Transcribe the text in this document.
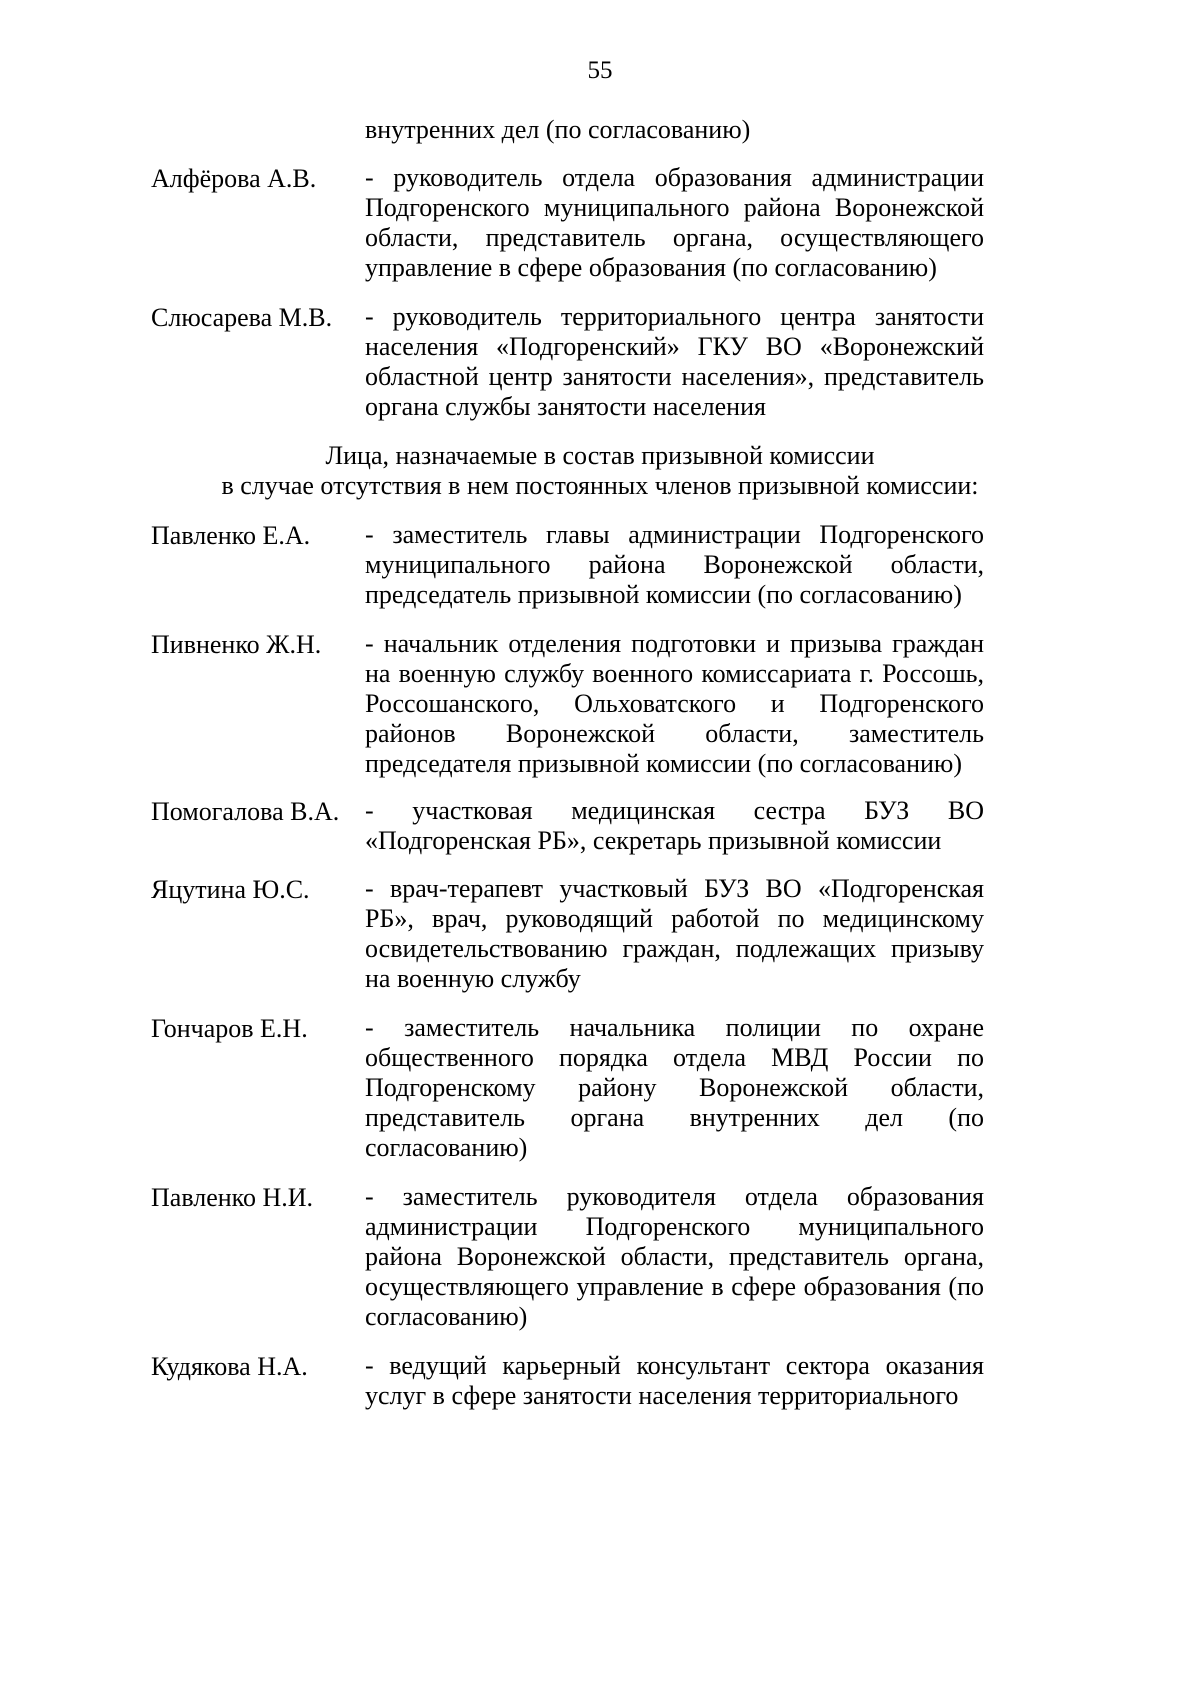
55
внутренних дел (по согласованию)
Алфёрова А.В. - руководитель отдела образования администрации Подгоренского муниципального района Воронежской области, представитель органа, осуществляющего управление в сфере образования (по согласованию)
Слюсарева М.В. - руководитель территориального центра занятости населения «Подгоренский» ГКУ ВО «Воронежский областной центр занятости населения», представитель органа службы занятости населения
Лица, назначаемые в состав призывной комиссии
в случае отсутствия в нем постоянных членов призывной комиссии:
Павленко Е.А. - заместитель главы администрации Подгоренского муниципального района Воронежской области, председатель призывной комиссии (по согласованию)
Пивненко Ж.Н. - начальник отделения подготовки и призыва граждан на военную службу военного комиссариата г. Россошь, Россошанского, Ольховатского и Подгоренского районов Воронежской области, заместитель председателя призывной комиссии (по согласованию)
Помогалова В.А. - участковая медицинская сестра БУЗ ВО «Подгоренская РБ», секретарь призывной комиссии
Яцутина Ю.С. - врач-терапевт участковый БУЗ ВО «Подгоренская РБ», врач, руководящий работой по медицинскому освидетельствованию граждан, подлежащих призыву на военную службу
Гончаров Е.Н. - заместитель начальника полиции по охране общественного порядка отдела МВД России по Подгоренскому району Воронежской области, представитель органа внутренних дел (по согласованию)
Павленко Н.И. - заместитель руководителя отдела образования администрации Подгоренского муниципального района Воронежской области, представитель органа, осуществляющего управление в сфере образования (по согласованию)
Кудякова Н.А. - ведущий карьерный консультант сектора оказания услуг в сфере занятости населения территориального
